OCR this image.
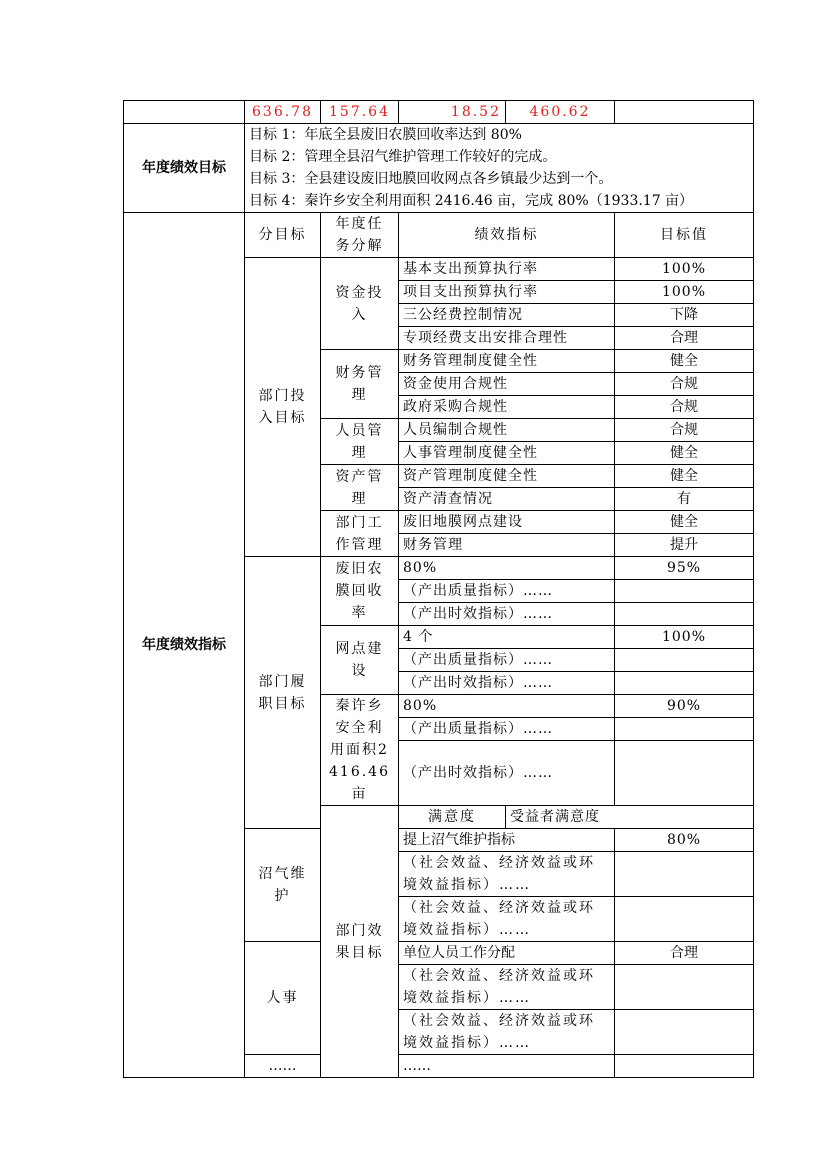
	636.78	157.64	18.52	460.62		
年度绩效目标	目标 1：年底全县废旧农膜回收率达到 80%
目标 2：管理全县沼气维护管理工作较好的完成。
目标 3：全县建设废旧地膜回收网点各乡镇最少达到一个。
目标 4：秦许乡安全利用面积 2416.46 亩，完成 80%（1933.17 亩）					

年度绩效指标	分目标	年度任务分解	绩效指标		目标值	
	部门投入目标	资金投入	基本支出预算执行率		100%	
			项目支出预算执行率		100%	
			三公经费控制情况		下降	
			专项经费支出安排合理性		合理	
		财务管理	财务管理制度健全性		健全	
			资金使用合规性		合规	
			政府采购合规性		合规	
		人员管理	人员编制合规性		合规	
			人事管理制度健全性		健全	
		资产管理	资产管理制度健全性		健全	
			资产清查情况		有	
		部门工作管理	废旧地膜网点建设		健全	
			财务管理		提升	
	部门履职目标	废旧农膜回收率	80%		95%	
			（产出质量指标）……			
			（产出时效指标）……			
		网点建设	4 个		100%	
			（产出质量指标）……			
			（产出时效指标）……			
		秦许乡安全利用面积2416.46亩	80%		90%	
			（产出质量指标）……			
			（产出时效指标）……			
		部门效果目标	满意度	受益者满意度		
	沼气维护		提上沼气维护指标		80%	
			（社会效益、经济效益或环境效益指标）……			
			（社会效益、经济效益或环境效益指标）……			
	人事		单位人员工作分配		合理	
			（社会效益、经济效益或环境效益指标）……			
			（社会效益、经济效益或环境效益指标）……			
	……		……			
